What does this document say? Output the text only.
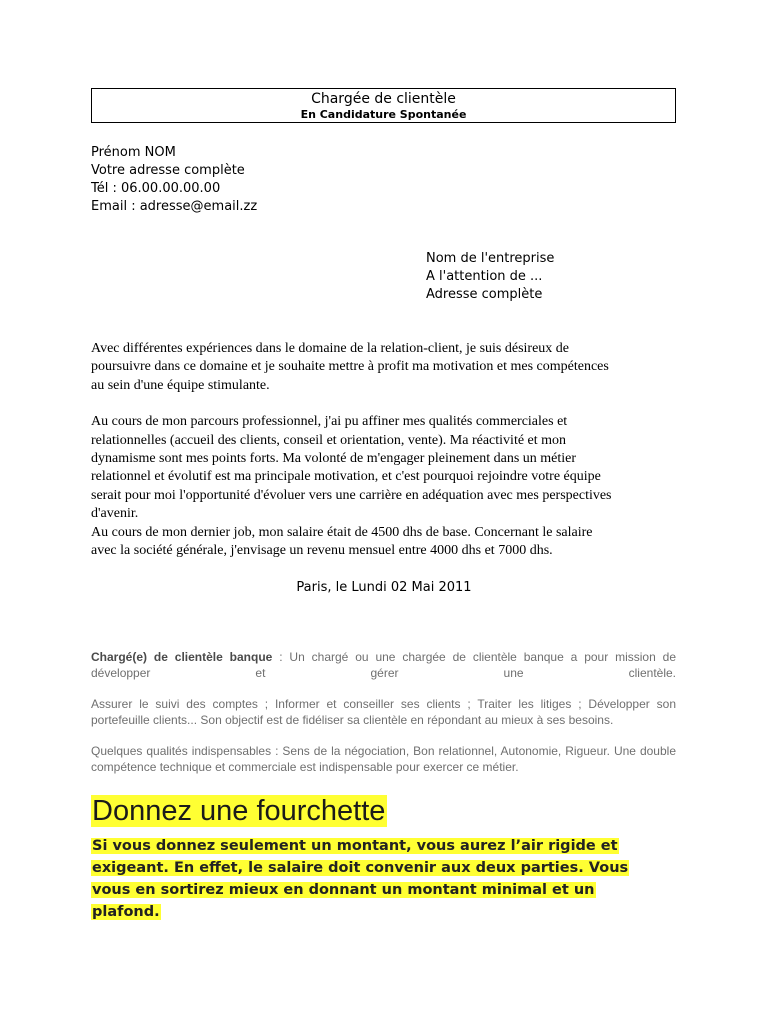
Chargée de clientèle
En Candidature Spontanée
Prénom NOM
Votre adresse complète
Tél : 06.00.00.00.00
Email : adresse@email.zz
Nom de l'entreprise
A l'attention de ...
Adresse complète

Avec différentes expériences dans le domaine de la relation-client, je suis désireux de
poursuivre dans ce domaine et je souhaite mettre à profit ma motivation et mes compétences
au sein d'une équipe stimulante.

Au cours de mon parcours professionnel, j'ai pu affiner mes qualités commerciales et
relationnelles (accueil des clients, conseil et orientation, vente). Ma réactivité et mon
dynamisme sont mes points forts. Ma volonté de m'engager pleinement dans un métier
relationnel et évolutif est ma principale motivation, et c'est pourquoi rejoindre votre équipe
serait pour moi l'opportunité d'évoluer vers une carrière en adéquation avec mes perspectives
d'avenir.
Au cours de mon dernier job, mon salaire était de 4500 dhs de base. Concernant le salaire
avec la société générale, j'envisage un revenu mensuel entre 4000 dhs et 7000 dhs.

Paris, le Lundi 02 Mai 2011

Chargé(e) de clientèle banque : Un chargé ou une chargée de clientèle banque a pour mission de développer et gérer une clientèle.

Assurer le suivi des comptes ; Informer et conseiller ses clients ; Traiter les litiges ; Développer son portefeuille clients... Son objectif est de fidéliser sa clientèle en répondant au mieux à ses besoins.

Quelques qualités indispensables : Sens de la négociation, Bon relationnel, Autonomie, Rigueur. Une double compétence technique et commerciale est indispensable pour exercer ce métier.

Donnez une fourchette
Si vous donnez seulement un montant, vous aurez l’air rigide et
exigeant. En effet, le salaire doit convenir aux deux parties. Vous
vous en sortirez mieux en donnant un montant minimal et un
plafond.
